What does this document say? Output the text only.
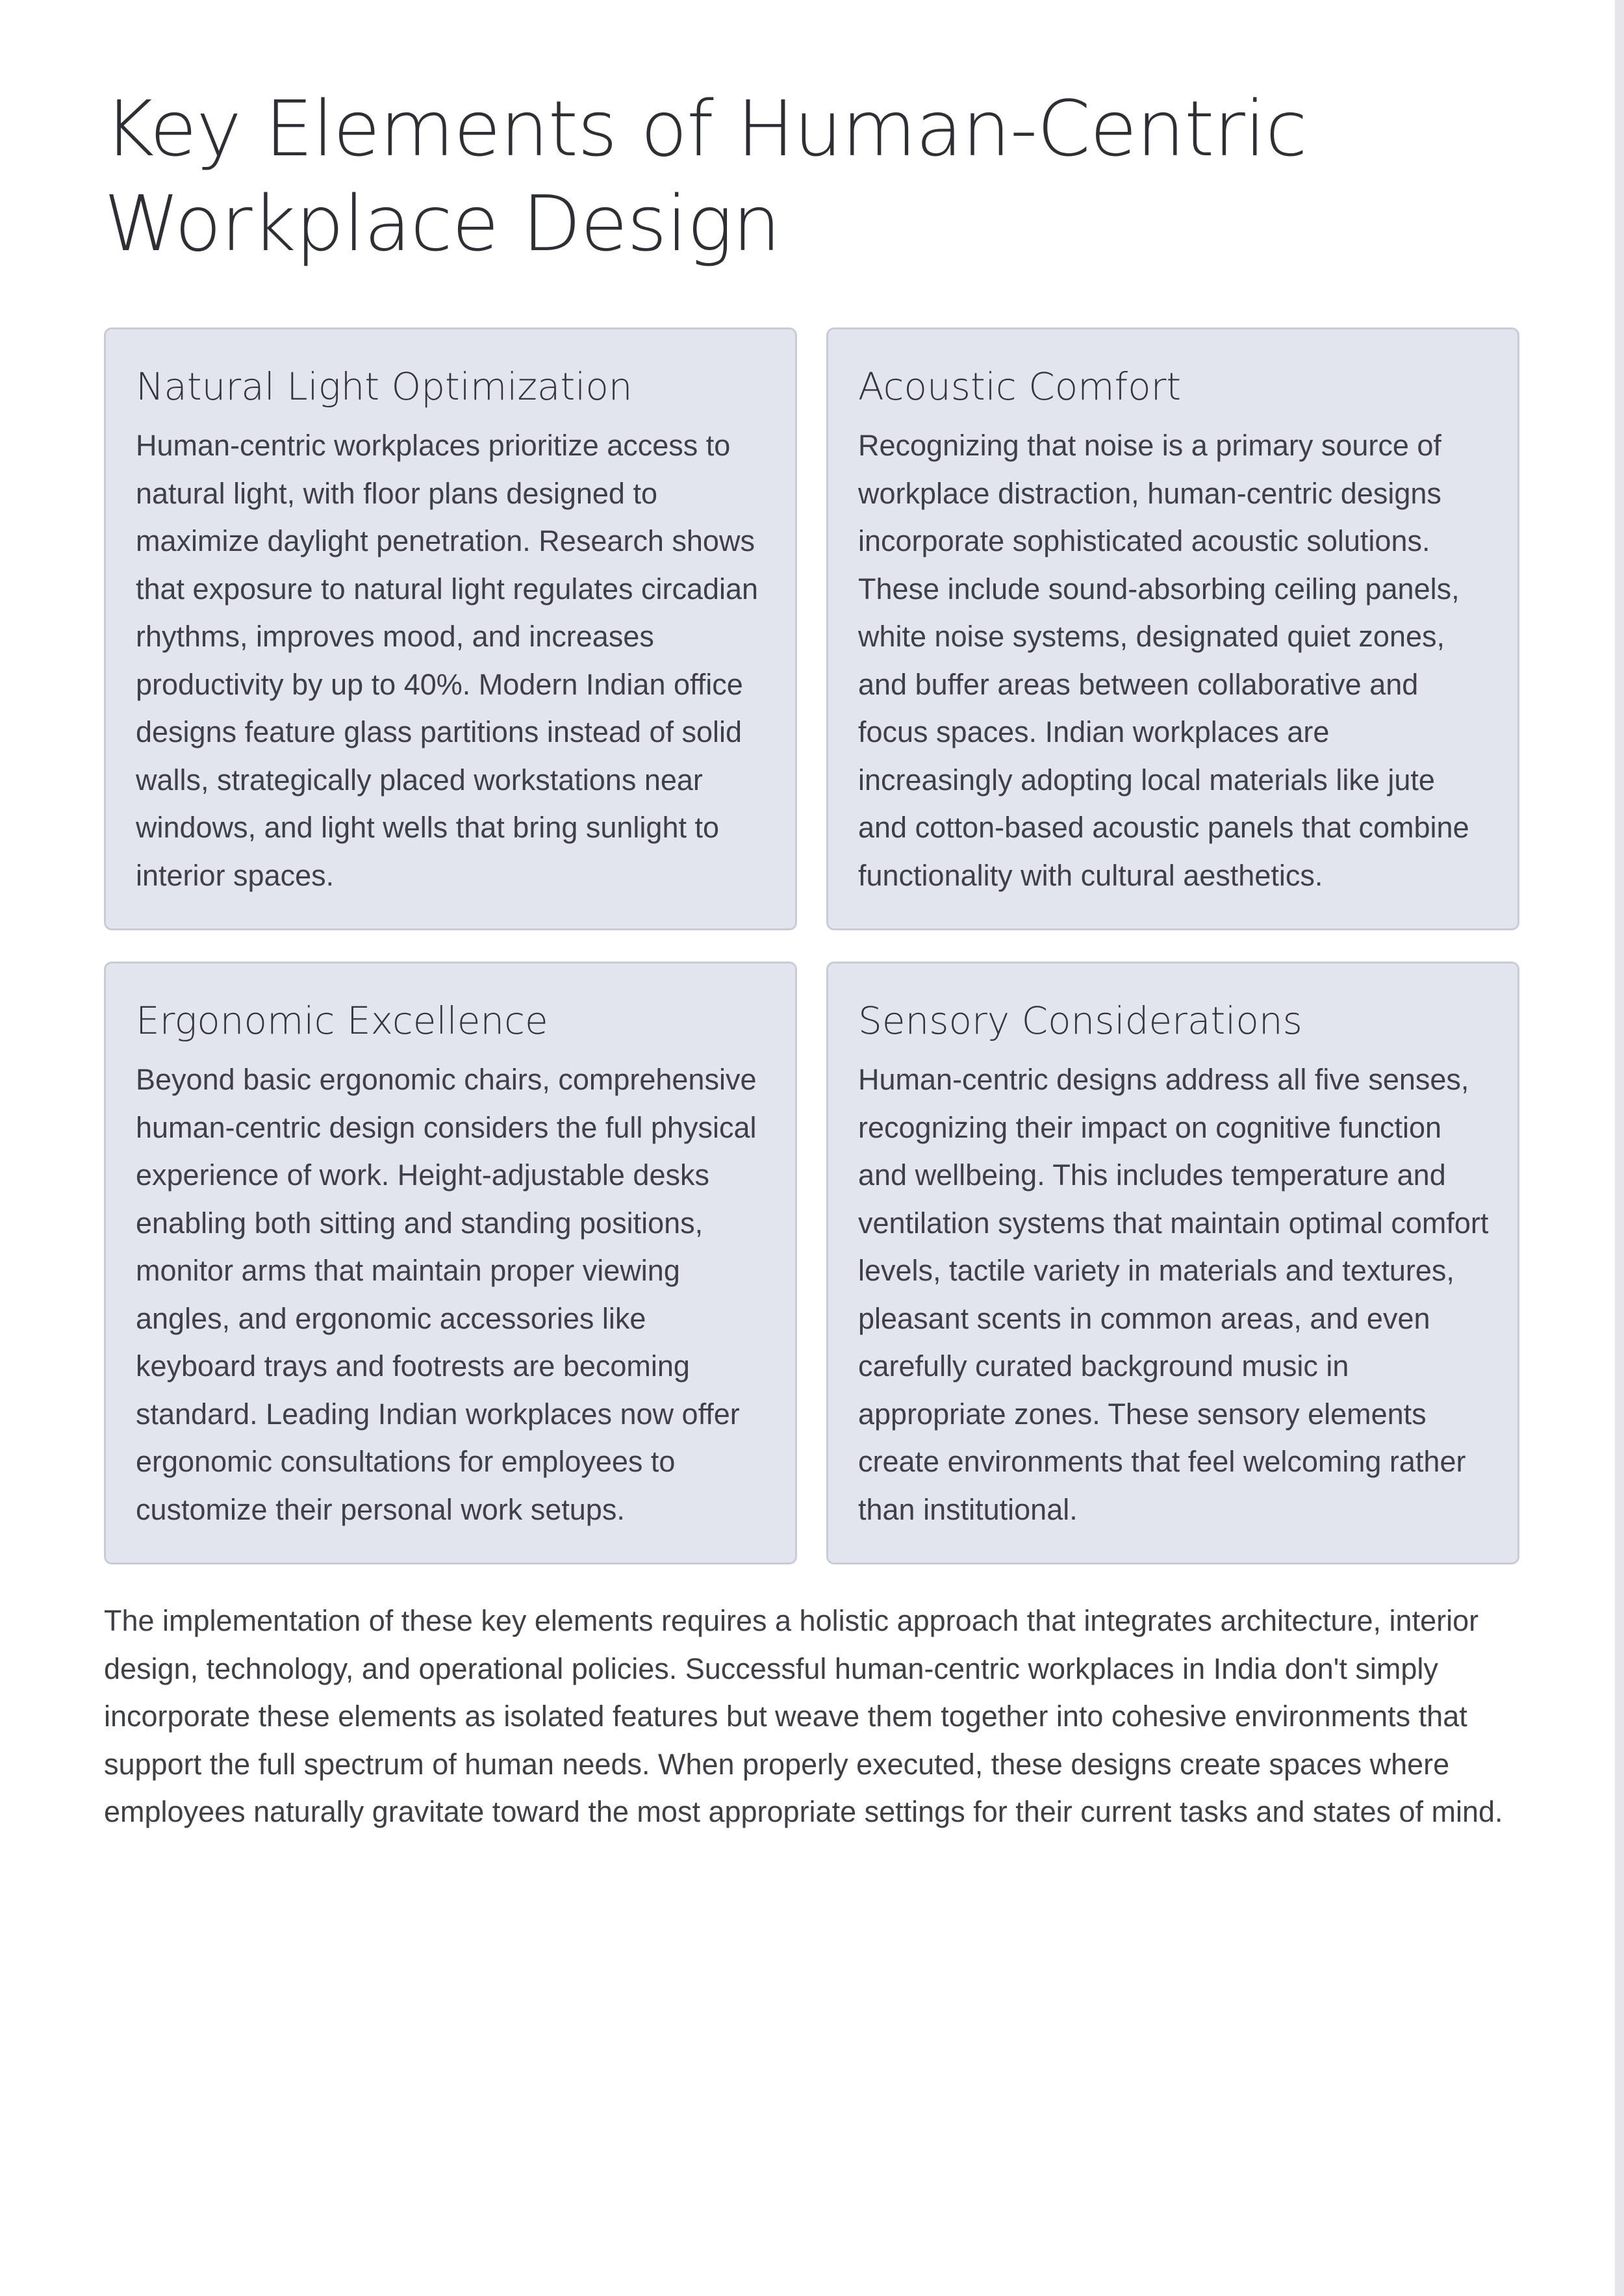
Key Elements of Human-Centric Workplace Design
Natural Light Optimization

Human-centric workplaces prioritize access to natural light, with floor plans designed to maximize daylight penetration. Research shows that exposure to natural light regulates circadian rhythms, improves mood, and increases productivity by up to 40%. Modern Indian office designs feature glass partitions instead of solid walls, strategically placed workstations near windows, and light wells that bring sunlight to interior spaces.

Acoustic Comfort

Recognizing that noise is a primary source of workplace distraction, human-centric designs incorporate sophisticated acoustic solutions. These include sound-absorbing ceiling panels, white noise systems, designated quiet zones, and buffer areas between collaborative and focus spaces. Indian workplaces are increasingly adopting local materials like jute and cotton-based acoustic panels that combine functionality with cultural aesthetics.

Ergonomic Excellence

Beyond basic ergonomic chairs, comprehensive human-centric design considers the full physical experience of work. Height-adjustable desks enabling both sitting and standing positions, monitor arms that maintain proper viewing angles, and ergonomic accessories like keyboard trays and footrests are becoming standard. Leading Indian workplaces now offer ergonomic consultations for employees to customize their personal work setups.

Sensory Considerations

Human-centric designs address all five senses, recognizing their impact on cognitive function and wellbeing. This includes temperature and ventilation systems that maintain optimal comfort levels, tactile variety in materials and textures, pleasant scents in common areas, and even carefully curated background music in appropriate zones. These sensory elements create environments that feel welcoming rather than institutional.

The implementation of these key elements requires a holistic approach that integrates architecture, interior design, technology, and operational policies. Successful human-centric workplaces in India don't simply incorporate these elements as isolated features but weave them together into cohesive environments that support the full spectrum of human needs. When properly executed, these designs create spaces where employees naturally gravitate toward the most appropriate settings for their current tasks and states of mind.
